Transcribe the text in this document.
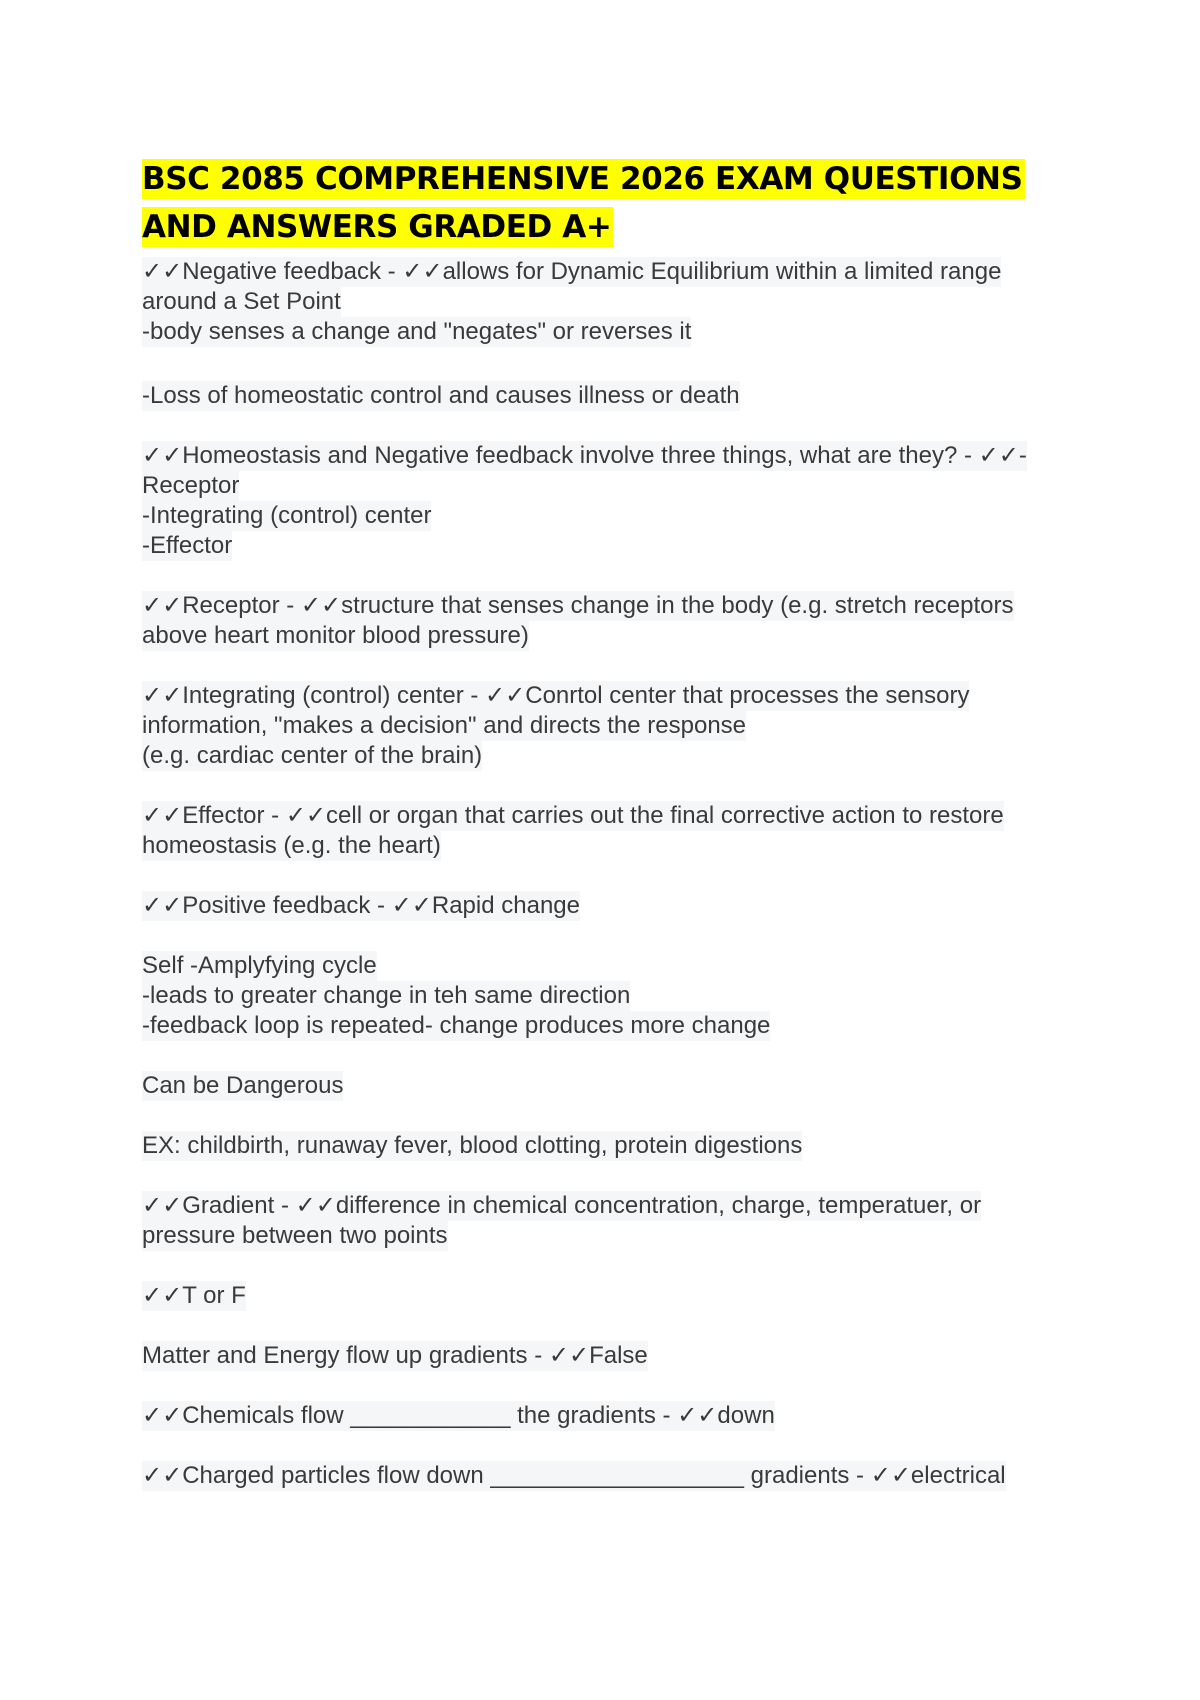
BSC 2085 COMPREHENSIVE 2026 EXAM QUESTIONS
AND ANSWERS GRADED A+
✓✓Negative feedback - ✓✓allows for Dynamic Equilibrium within a limited range
around a Set Point
-body senses a change and "negates" or reverses it
-Loss of homeostatic control and causes illness or death
✓✓Homeostasis and Negative feedback involve three things, what are they? - ✓✓-
Receptor
-Integrating (control) center
-Effector
✓✓Receptor - ✓✓structure that senses change in the body (e.g. stretch receptors
above heart monitor blood pressure)
✓✓Integrating (control) center - ✓✓Conrtol center that processes the sensory
information, "makes a decision" and directs the response
(e.g. cardiac center of the brain)
✓✓Effector - ✓✓cell or organ that carries out the final corrective action to restore
homeostasis (e.g. the heart)
✓✓Positive feedback - ✓✓Rapid change
Self -Amplyfying cycle
-leads to greater change in teh same direction
-feedback loop is repeated- change produces more change
Can be Dangerous
EX: childbirth, runaway fever, blood clotting, protein digestions
✓✓Gradient - ✓✓difference in chemical concentration, charge, temperatuer, or
pressure between two points
✓✓T or F
Matter and Energy flow up gradients - ✓✓False
✓✓Chemicals flow ____________ the gradients - ✓✓down
✓✓Charged particles flow down ___________________ gradients - ✓✓electrical
